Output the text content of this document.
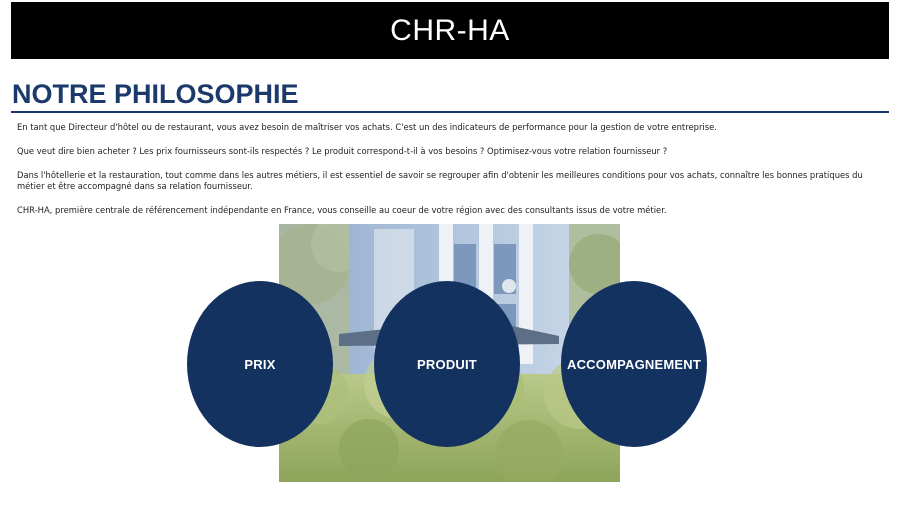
CHR-HA
NOTRE PHILOSOPHIE

En tant que Directeur d'hôtel ou de restaurant, vous avez besoin de maîtriser vos achats. C'est un des indicateurs de performance pour la gestion de votre entreprise.

Que veut dire bien acheter ? Les prix fournisseurs sont-ils respectés ? Le produit correspond-t-il à vos besoins ? Optimisez-vous votre relation fournisseur ?

Dans l'hôtellerie et la restauration, tout comme dans les autres métiers, il est essentiel de savoir se regrouper afin d'obtenir les meilleures conditions pour vos achats, connaître les bonnes pratiques du métier et être accompagné dans sa relation fournisseur.

CHR-HA, première centrale de référencement indépendante en France, vous conseille au coeur de votre région avec des consultants issus de votre métier.

PRIX	PRODUIT	ACCOMPAGNEMENT
